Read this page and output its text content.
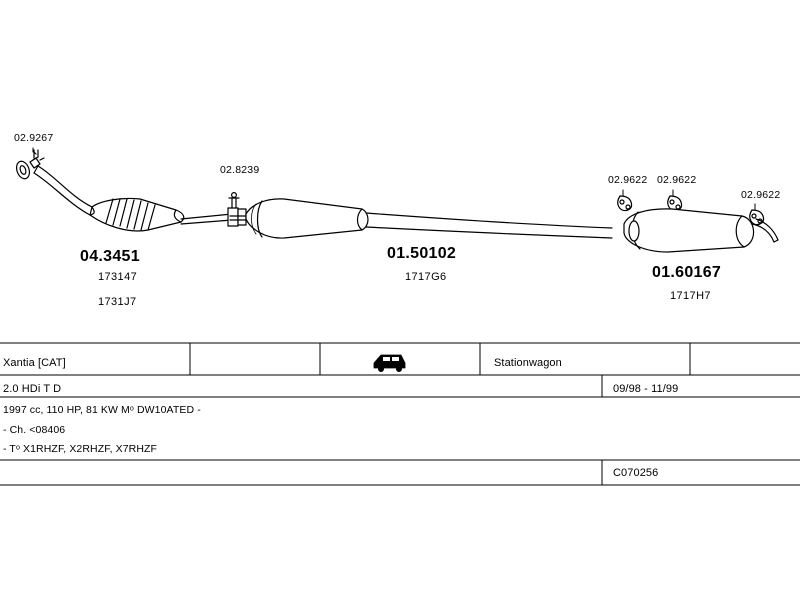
02.9267
04.3451
173147
1731J7
02.8239
01.50102
1717G6
02.9622 02.9622
02.9622
01.60167
1717H7
Xantia [CAT]	Stationwagon
2.0 HDi T D	09/98 - 11/99
1997 cc, 110 HP, 81 KW Mᵒ DW10ATED -
- Ch. <08406
- Tᵒ X1RHZF, X2RHZF, X7RHZF
C070256
